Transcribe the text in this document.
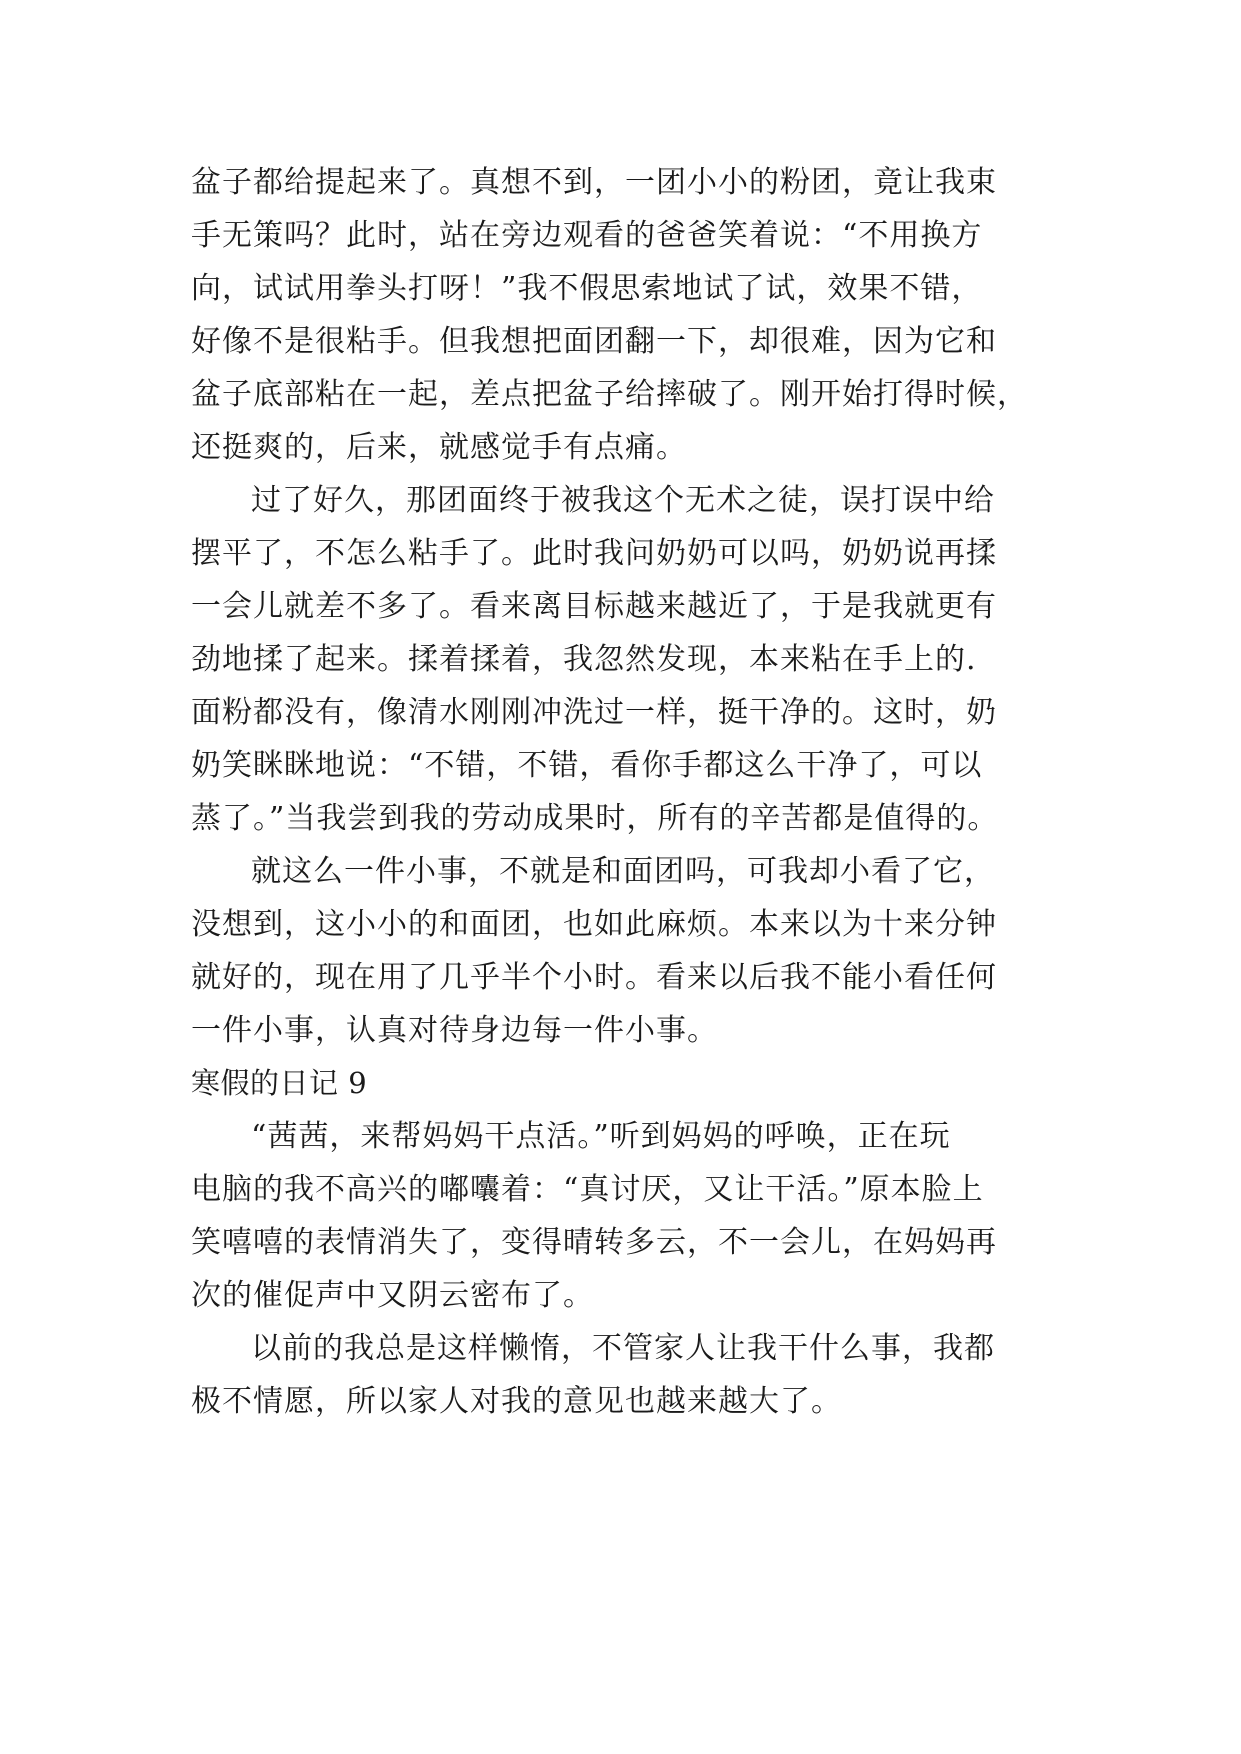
盆子都给提起来了。真想不到，一团小小的粉团，竟让我束
手无策吗？此时，站在旁边观看的爸爸笑着说：“不用换方
向，试试用拳头打呀！”我不假思索地试了试，效果不错，
好像不是很粘手。但我想把面团翻一下，却很难，因为它和
盆子底部粘在一起，差点把盆子给摔破了。刚开始打得时候，
还挺爽的，后来，就感觉手有点痛。
过了好久，那团面终于被我这个无术之徒，误打误中给
摆平了，不怎么粘手了。此时我问奶奶可以吗，奶奶说再揉
一会儿就差不多了。看来离目标越来越近了，于是我就更有
劲地揉了起来。揉着揉着，我忽然发现，本来粘在手上的.
面粉都没有，像清水刚刚冲洗过一样，挺干净的。这时，奶
奶笑眯眯地说：“不错，不错，看你手都这么干净了，可以
蒸了。”当我尝到我的劳动成果时，所有的辛苦都是值得的。
就这么一件小事，不就是和面团吗，可我却小看了它，
没想到，这小小的和面团，也如此麻烦。本来以为十来分钟
就好的，现在用了几乎半个小时。看来以后我不能小看任何
一件小事，认真对待身边每一件小事。
寒假的日记 9
“茜茜，来帮妈妈干点活。”听到妈妈的呼唤，正在玩
电脑的我不高兴的嘟囔着：“真讨厌，又让干活。”原本脸上
笑嘻嘻的表情消失了，变得晴转多云，不一会儿，在妈妈再
次的催促声中又阴云密布了。
以前的我总是这样懒惰，不管家人让我干什么事，我都
极不情愿，所以家人对我的意见也越来越大了。
